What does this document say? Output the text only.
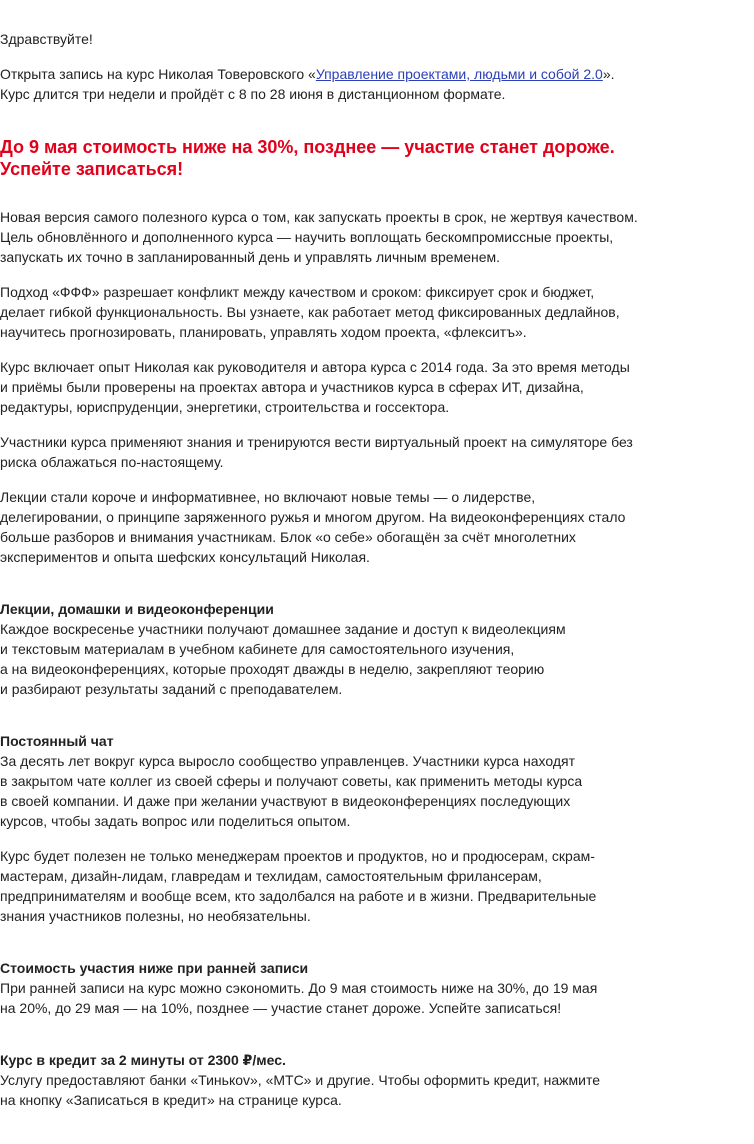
Здравствуйте!

Открыта запись на курс Николая Товеровского «Управление проектами, людьми и собой 2.0».
Курс длится три недели и пройдёт с 8 по 28 июня в дистанционном формате.

До 9 мая стоимость ниже на 30%, позднее — участие станет дороже.
Успейте записаться!

Новая версия самого полезного курса о том, как запускать проекты в срок, не жертвуя качеством. Цель обновлённого и дополненного курса — научить воплощать бескомпромиссные проекты, запускать их точно в запланированный день и управлять личным временем.

Подход «ФФФ» разрешает конфликт между качеством и сроком: фиксирует срок и бюджет, делает гибкой функциональность. Вы узнаете, как работает метод фиксированных дедлайнов, научитесь прогнозировать, планировать, управлять ходом проекта, «флекситъ».

Курс включает опыт Николая как руководителя и автора курса с 2014 года. За это время методы и приёмы были проверены на проектах автора и участников курса в сферах ИТ, дизайна, редактуры, юриспруденции, энергетики, строительства и госсектора.

Участники курса применяют знания и тренируются вести виртуальный проект на симуляторе без риска облажаться по-настоящему.

Лекции стали короче и информативнее, но включают новые темы — о лидерстве, делегировании, о принципе заряженного ружья и многом другом. На видеоконференциях стало больше разборов и внимания участникам. Блок «о себе» обогащён за счёт многолетних экспериментов и опыта шефских консультаций Николая.

Лекции, домашки и видеоконференции

Каждое воскресенье участники получают домашнее задание и доступ к видеолекциям
и текстовым материалам в учебном кабинете для самостоятельного изучения,
а на видеоконференциях, которые проходят дважды в неделю, закрепляют теорию
и разбирают результаты заданий с преподавателем.

Постоянный чат

За десять лет вокруг курса выросло сообщество управленцев. Участники курса находят
в закрытом чате коллег из своей сферы и получают советы, как применить методы курса
в своей компании. И даже при желании участвуют в видеоконференциях последующих
курсов, чтобы задать вопрос или поделиться опытом.

Курс будет полезен не только менеджерам проектов и продуктов, но и продюсерам, скрам-мастерам, дизайн-лидам, главредам и техлидам, самостоятельным фрилансерам, предпринимателям и вообще всем, кто задолбался на работе и в жизни. Предварительные знания участников полезны, но необязательны.

Стоимость участия ниже при ранней записи

При ранней записи на курс можно сэкономить. До 9 мая стоимость ниже на 30%, до 19 мая
на 20%, до 29 мая — на 10%, позднее — участие станет дороже. Успейте записаться!

Курс в кредит за 2 минуты от 2300 ₽/мес.

Услугу предоставляют банки «Тинькоv», «МТС» и другие. Чтобы оформить кредит, нажмите
на кнопку «Записаться в кредит» на странице курса.
